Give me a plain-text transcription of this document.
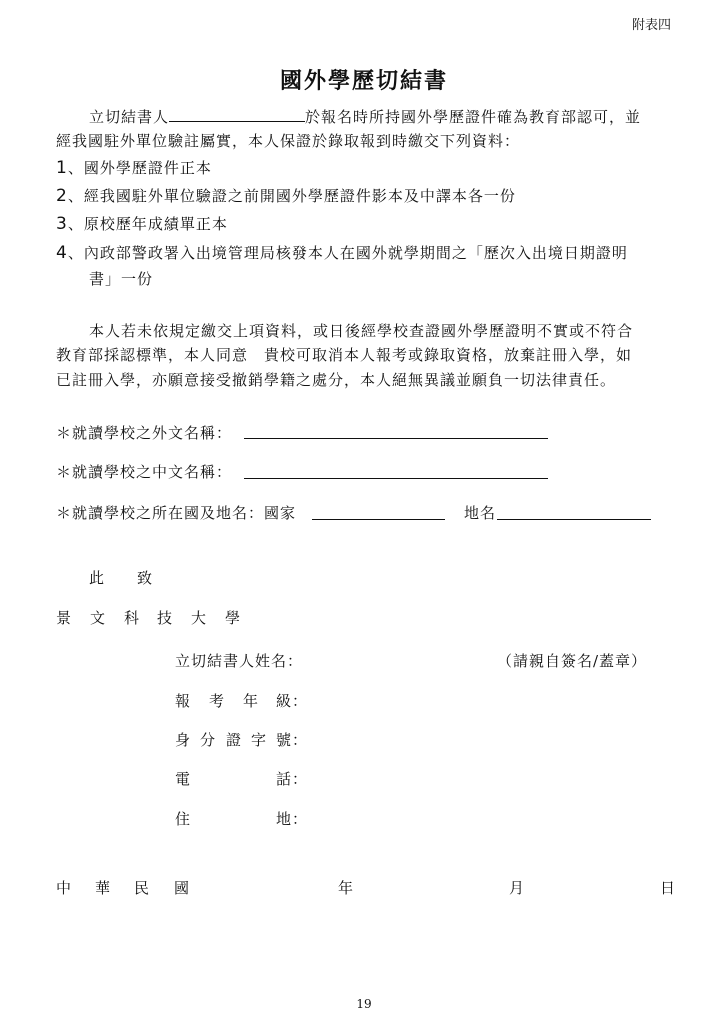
附表四
國外學歷切結書
立切結書人	於報名時所持國外學歷證件確為教育部認可，並
經我國駐外單位驗註屬實，本人保證於錄取報到時繳交下列資料：
1、國外學歷證件正本
2、經我國駐外單位驗證之前開國外學歷證件影本及中譯本各一份
3、原校歷年成績單正本
4、內政部警政署入出境管理局核發本人在國外就學期間之「歷次入出境日期證明
書」一份
本人若未依規定繳交上項資料，或日後經學校查證國外學歷證明不實或不符合
教育部採認標準，本人同意　貴校可取消本人報考或錄取資格，放棄註冊入學，如
已註冊入學，亦願意接受撤銷學籍之處分，本人絕無異議並願負一切法律責任。
＊就讀學校之外文名稱：
＊就讀學校之中文名稱：
＊就讀學校之所在國及地名：國家	地名
此　　致
景 文 科 技 大 學
立切結書人姓名：	（請親自簽名/蓋章）
報 考 年 級：
身 分 證 字 號：
電	話：
住	地：
中 華 民 國	年	月	日
19
